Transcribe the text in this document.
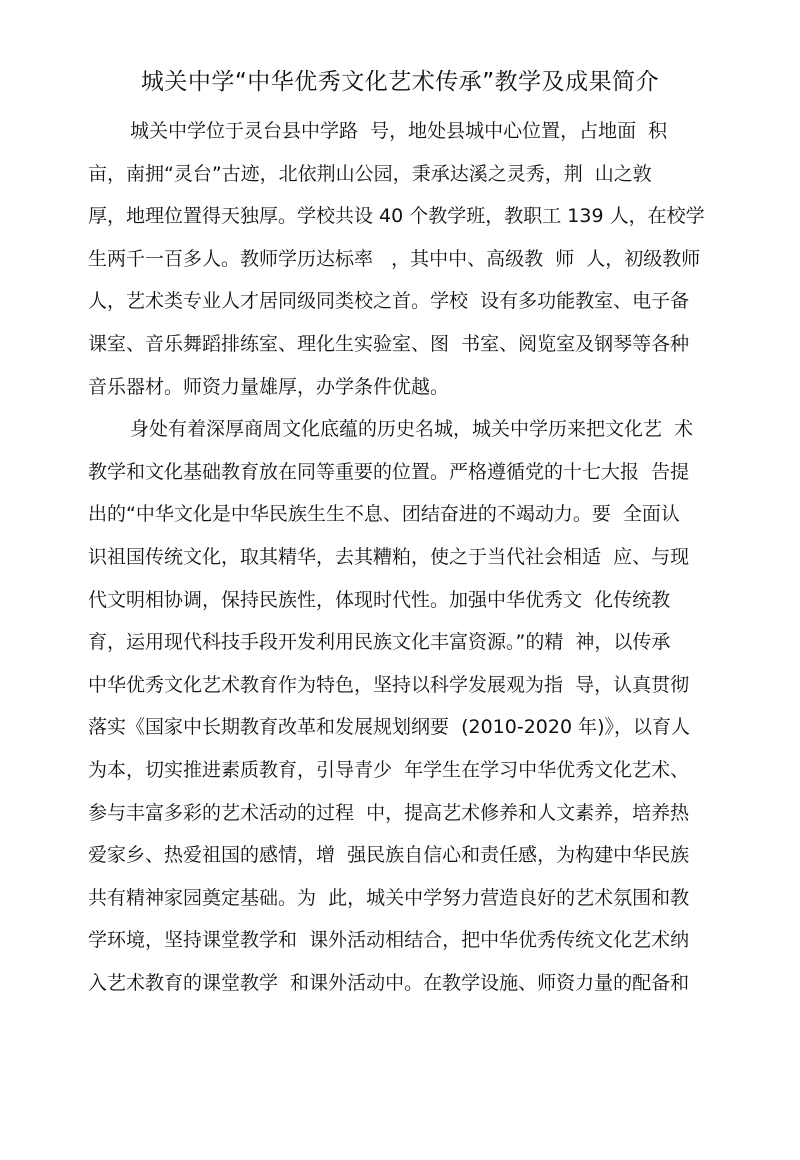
城关中学“中华优秀文化艺术传承”教学及成果简介
城关中学位于灵台县中学路  号，地处县城中心位置，占地面  积
亩，南拥“灵台”古迹，北依荆山公园，秉承达溪之灵秀，荆  山之敦
厚，地理位置得天独厚。学校共设 40 个教学班，教职工 139 人，在校学
生两千一百多人。教师学历达标率   ，其中中、高级教  师  人，初级教师
人，艺术类专业人才居同级同类校之首。学校  设有多功能教室、电子备
课室、音乐舞蹈排练室、理化生实验室、图  书室、阅览室及钢琴等各种
音乐器材。师资力量雄厚，办学条件优越。
身处有着深厚商周文化底蕴的历史名城，城关中学历来把文化艺  术
教学和文化基础教育放在同等重要的位置。严格遵循党的十七大报  告提
出的“中华文化是中华民族生生不息、团结奋进的不竭动力。要  全面认
识祖国传统文化，取其精华，去其糟粕，使之于当代社会相适  应、与现
代文明相协调，保持民族性，体现时代性。加强中华优秀文  化传统教
育，运用现代科技手段开发利用民族文化丰富资源。”的精  神，以传承
中华优秀文化艺术教育作为特色，坚持以科学发展观为指  导，认真贯彻
落实《国家中长期教育改革和发展规划纲要  (2010-2020 年)》，以育人
为本，切实推进素质教育，引导青少  年学生在学习中华优秀文化艺术、
参与丰富多彩的艺术活动的过程  中，提高艺术修养和人文素养，培养热
爱家乡、热爱祖国的感情，增  强民族自信心和责任感，为构建中华民族
共有精神家园奠定基础。为  此，城关中学努力营造良好的艺术氛围和教
学环境，坚持课堂教学和  课外活动相结合，把中华优秀传统文化艺术纳
入艺术教育的课堂教学  和课外活动中。在教学设施、师资力量的配备和
